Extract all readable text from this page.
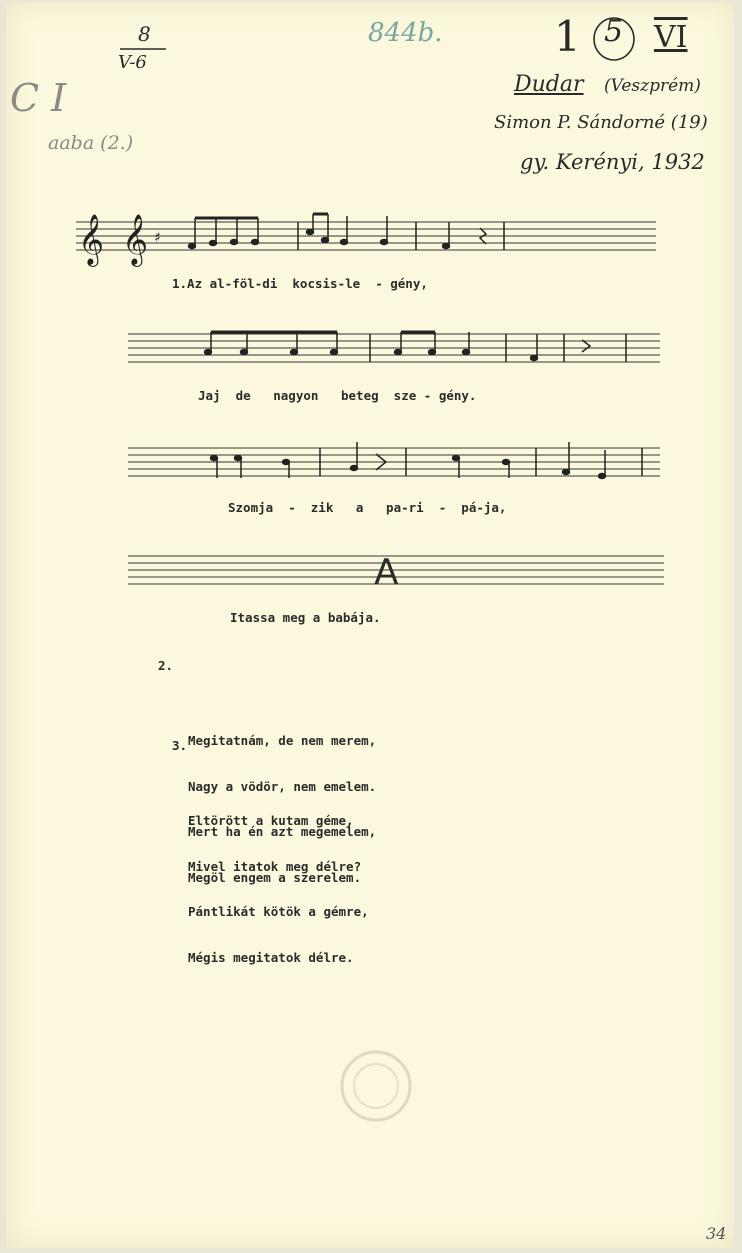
8
V-6
844b.	1 5 VI
C I
aaba (2.)
Dudar (Veszprém)
Simon P. Sándorné (19)
gy. Kerényi, 1932
𝄞 𝄞 ♯
1.Az al-föl-di  kocsis-le  - gény,
Jaj  de   nagyon   beteg  sze - gény.
Szomja  -  zik   a   pa-ri  -  pá-ja,
A
Itassa meg a babája.

2.

Megitatnám, de nem merem,

Nagy a vödör, nem emelem.

Mert ha én azt megemelem,

Megöl engem a szerelem.

3.

Eltörött a kutam géme,

Mivel itatok meg délre?

Pántlikát kötök a gémre,

Mégis megitatok délre.

34
